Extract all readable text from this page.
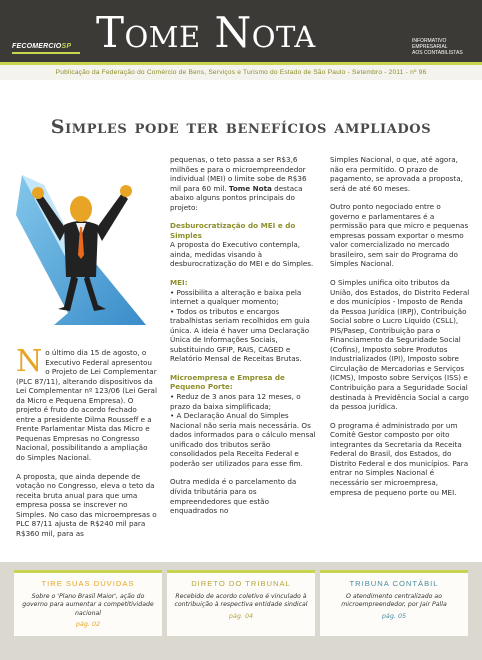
FECOMERCIOSP Tome Nota	INFORMATIVO
EMPRESARIAL
AOS CONTABILISTAS
Publicação da Federação do Comércio de Bens, Serviços e Turismo do Estado de São Paulo - Setembro - 2011 - nº 96
Simples pode ter benefícios ampliados
N o último dia 15 de agosto, o Executivo Federal apresentou o Projeto de Lei Complementar (PLC 87/11), alterando dispositivos da Lei Complementar nº 123/06 (Lei Geral da Micro e Pequena Empresa). O projeto é fruto do acordo fechado entre a presidente Dilma Rousseff e a Frente Parlamentar Mista das Micro e Pequenas Empresas no Congresso Nacional, possibilitando a ampliação do Simples Nacional.

A proposta, que ainda depende de votação no Congresso, eleva o teto da receita bruta anual para que uma empresa possa se inscrever no Simples. No caso das microempresas o PLC 87/11 ajusta de R$240 mil para R$360 mil, para as

pequenas, o teto passa a ser R$3,6 milhões e para o microempreendedor individual (MEI) o limite sobe de R$36 mil para 60 mil. Tome Nota destaca abaixo alguns pontos principais do projeto:

Desburocratização do MEI e do Simples

A proposta do Executivo contempla, ainda, medidas visando à desburocratização do MEI e do Simples.

MEI:

• Possibilita a alteração e baixa pela internet a qualquer momento;

• Todos os tributos e encargos trabalhistas seriam recolhidos em guia única. A ideia é haver uma Declaração Única de Informações Sociais, substituindo GFIP, RAIS, CAGED e Relatório Mensal de Receitas Brutas.

Microempresa e Empresa de Pequeno Porte:

• Reduz de 3 anos para 12 meses, o prazo da baixa simplificada;

• A Declaração Anual do Simples Nacional não seria mais necessária. Os dados informados para o cálculo mensal unificado dos tributos serão consolidados pela Receita Federal e poderão ser utilizados para esse fim.

Outra medida é o parcelamento da dívida tributária para os empreendedores que estão enquadrados no

Simples Nacional, o que, até agora, não era permitido. O prazo de pagamento, se aprovada a proposta, será de até 60 meses.

Outro ponto negociado entre o governo e parlamentares é a permissão para que micro e pequenas empresas possam exportar o mesmo valor comercializado no mercado brasileiro, sem sair do Programa do Simples Nacional.

O Simples unifica oito tributos da União, dos Estados, do Distrito Federal e dos municípios - Imposto de Renda da Pessoa Jurídica (IRPJ), Contribuição Social sobre o Lucro Líquido (CSLL), PIS/Pasep, Contribuição para o Financiamento da Seguridade Social (Cofins), Imposto sobre Produtos Industrializados (IPI), Imposto sobre Circulação de Mercadorias e Serviços (ICMS), Imposto sobre Serviços (ISS) e Contribuição para a Seguridade Social destinada à Previdência Social a cargo da pessoa jurídica.

O programa é administrado por um Comitê Gestor composto por oito integrantes da Secretaria da Receita Federal do Brasil, dos Estados, do Distrito Federal e dos municípios. Para entrar no Simples Nacional é necessário ser microempresa, empresa de pequeno porte ou MEI.

TIRE SUAS DÚVIDAS
Sobre o 'Plano Brasil Maior', ação do governo para aumentar a competitividade nacional
pág. 02
DIRETO DO TRIBUNAL
Recebido de acordo coletivo é vinculado à contribuição à respectiva entidade sindical
pág. 04
TRIBUNA CONTÁBIL
O atendimento centralizado ao microempreendedor, por Jair Palla
pág. 05
